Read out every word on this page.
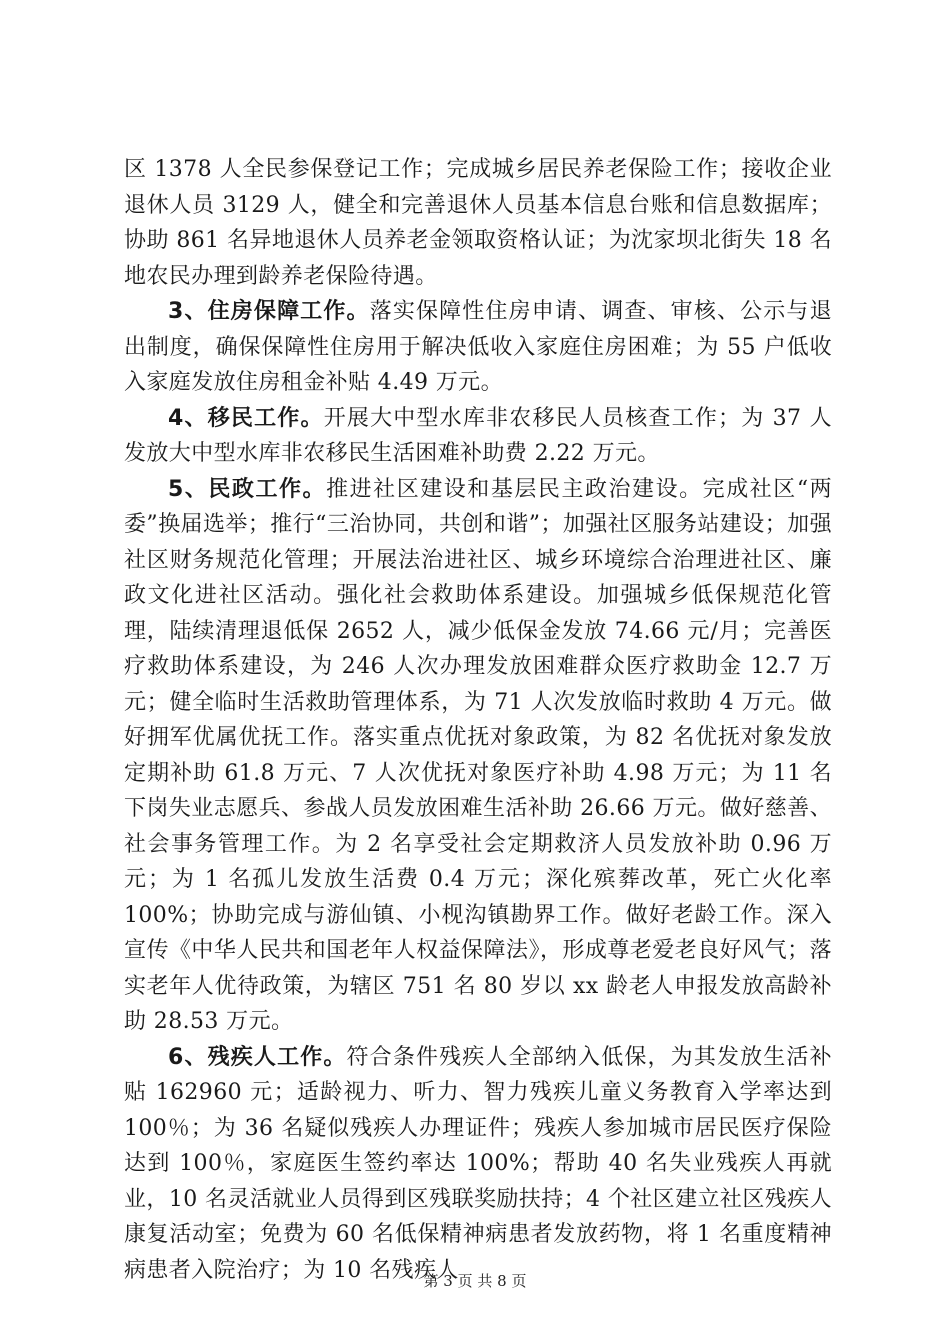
区 1378 人全民参保登记工作；完成城乡居民养老保险工作；接收企业退休人员 3129 人，健全和完善退休人员基本信息台账和信息数据库；协助 861 名异地退休人员养老金领取资格认证；为沈家坝北街失 18 名地农民办理到龄养老保险待遇。

3、住房保障工作。落实保障性住房申请、调查、审核、公示与退出制度，确保保障性住房用于解决低收入家庭住房困难；为 55 户低收入家庭发放住房租金补贴 4.49 万元。

4、移民工作。开展大中型水库非农移民人员核查工作；为 37 人发放大中型水库非农移民生活困难补助费 2.22 万元。

5、民政工作。推进社区建设和基层民主政治建设。完成社区“两委”换届选举；推行“三治协同，共创和谐”；加强社区服务站建设；加强社区财务规范化管理；开展法治进社区、城乡环境综合治理进社区、廉政文化进社区活动。强化社会救助体系建设。加强城乡低保规范化管理，陆续清理退低保 2652 人，减少低保金发放 74.66 元/月；完善医疗救助体系建设，为 246 人次办理发放困难群众医疗救助金 12.7 万元；健全临时生活救助管理体系，为 71 人次发放临时救助 4 万元。做好拥军优属优抚工作。落实重点优抚对象政策，为 82 名优抚对象发放定期补助 61.8 万元、7 人次优抚对象医疗补助 4.98 万元；为 11 名下岗失业志愿兵、参战人员发放困难生活补助 26.66 万元。做好慈善、社会事务管理工作。为 2 名享受社会定期救济人员发放补助 0.96 万元；为 1 名孤儿发放生活费 0.4 万元；深化殡葬改革，死亡火化率 100%；协助完成与游仙镇、小枧沟镇勘界工作。做好老龄工作。深入宣传《中华人民共和国老年人权益保障法》，形成尊老爱老良好风气；落实老年人优待政策，为辖区 751 名 80 岁以 xx 龄老人申报发放高龄补助 28.53 万元。

6、残疾人工作。符合条件残疾人全部纳入低保，为其发放生活补贴 162960 元；适龄视力、听力、智力残疾儿童义务教育入学率达到 100％；为 36 名疑似残疾人办理证件；残疾人参加城市居民医疗保险达到 100％，家庭医生签约率达 100%；帮助 40 名失业残疾人再就业，10 名灵活就业人员得到区残联奖励扶持；4 个社区建立社区残疾人康复活动室；免费为 60 名低保精神病患者发放药物，将 1 名重度精神病患者入院治疗；为 10 名残疾人

第 3 页 共 8 页
